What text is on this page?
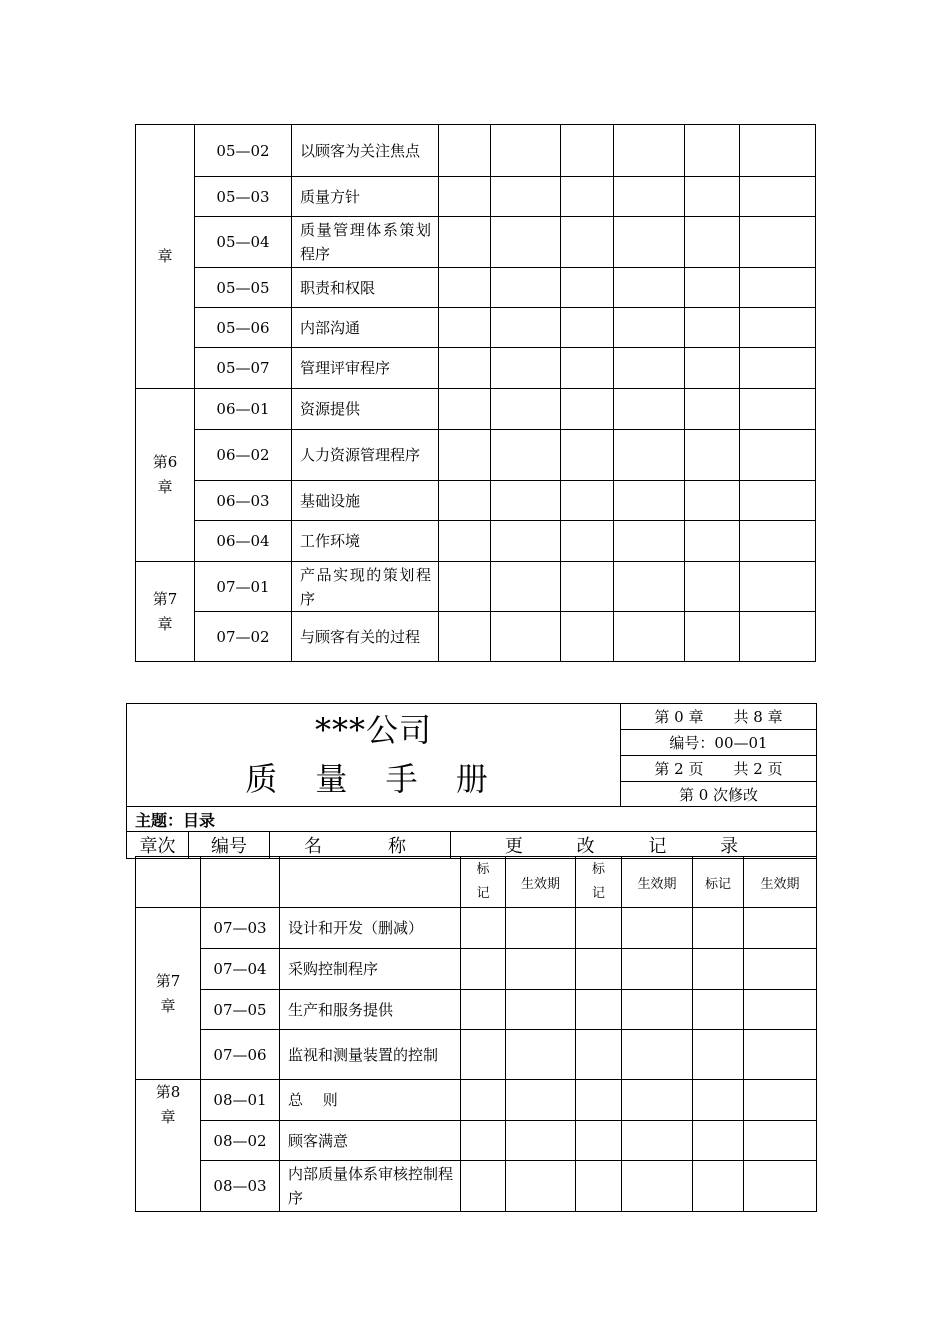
章	05—02	以顾客为关注焦点						
	05—03	质量方针						
	05—04	质量管理体系策划程序						
	05—05	职责和权限						
	05—06	内部沟通						
	05—07	管理评审程序						

第6章	06—01	资源提供						
	06—02	人力资源管理程序						
	06—03	基础设施						
	06—04	工作环境						

第7章	07—01	产品实现的策划程序						
	07—02	与顾客有关的过程						
***公司
质 量 手 册
	第 0 章　　共 8 章
编号：00—01
第 2 页　　共 2 页
第 0 次修改
主题：目录
章次	编号	名　　称	更 改 记 录
			标记	生效期	标记	生效期	标记	生效期

第7章	07—03	设计和开发（删减）						
	07—04	采购控制程序						
	07—05	生产和服务提供						
	07—06	监视和测量装置的控制						

第8章	08—01	总　 则						
	08—02	顾客满意						
	08—03	内部质量体系审核控制程序						
